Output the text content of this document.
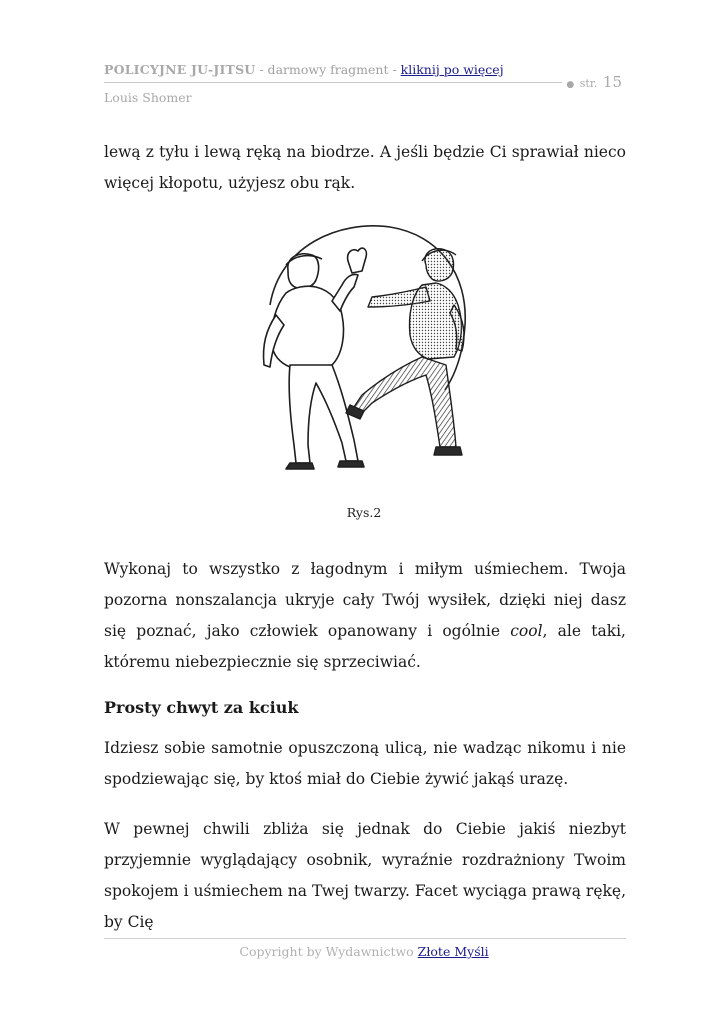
POLICYJNE JU-JITSU - darmowy fragment - kliknij po więcej
● str. 15
Louis Shomer
lewą z tyłu i lewą ręką na biodrze. A jeśli będzie Ci sprawiał nieco więcej kłopotu, użyjesz obu rąk.
Rys.2
Wykonaj to wszystko z łagodnym i miłym uśmiechem. Twoja pozorna nonszalancja ukryje cały Twój wysiłek, dzięki niej dasz się poznać, jako człowiek opanowany i ogólnie cool, ale taki, któremu niebezpiecznie się sprzeciwiać.
Prosty chwyt za kciuk
Idziesz sobie samotnie opuszczoną ulicą, nie wadząc nikomu i nie spodziewając się, by ktoś miał do Ciebie żywić jakąś urazę.
W pewnej chwili zbliża się jednak do Ciebie jakiś niezbyt przyjemnie wyglądający osobnik, wyraźnie rozdrażniony Twoim spokojem i uśmiechem na Twej twarzy. Facet wyciąga prawą rękę, by Cię
Copyright by Wydawnictwo Złote Myśli
